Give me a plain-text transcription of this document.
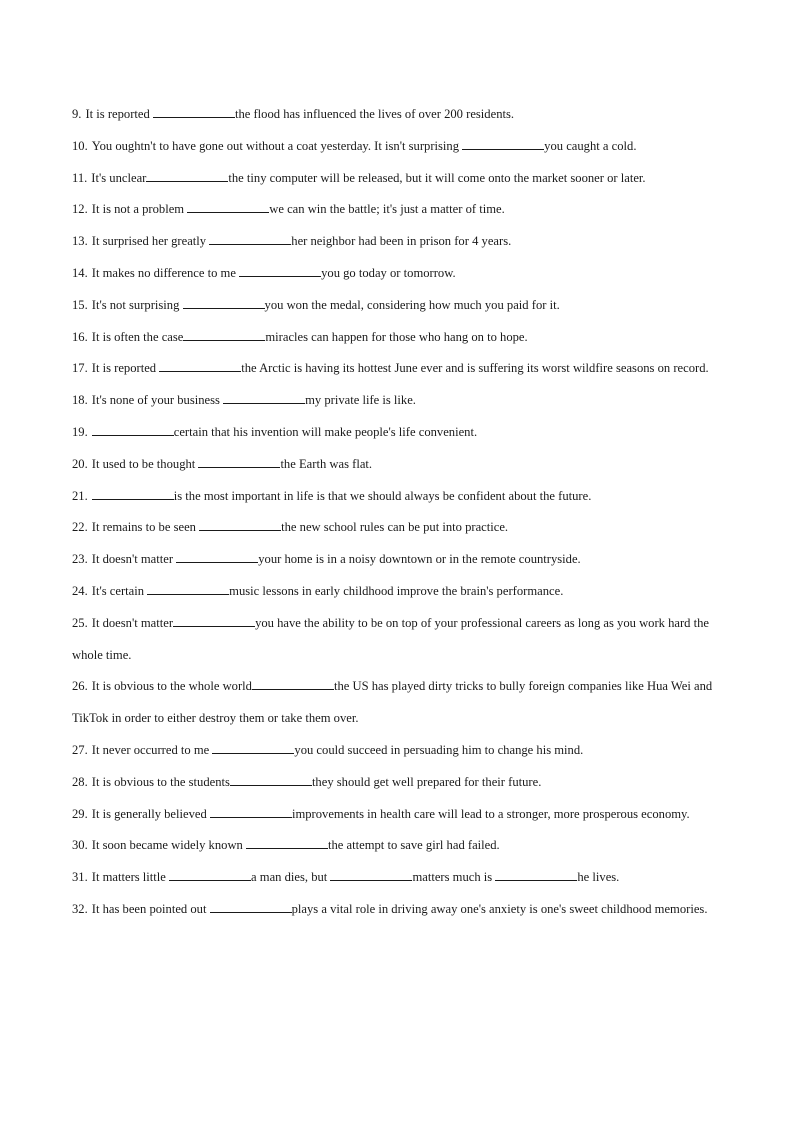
9. It is reported	the flood has influenced the lives of over 200 residents.

10. You oughtn't to have gone out without a coat yesterday. It isn't surprising	you caught a cold.

11. It's unclear	the tiny computer will be released, but it will come onto the market sooner or later.

12. It is not a problem	we can win the battle; it's just a matter of time.

13. It surprised her greatly	her neighbor had been in prison for 4 years.

14. It makes no difference to me	you go today or tomorrow.

15. It's not surprising	you won the medal, considering how much you paid for it.

16. It is often the case	miracles can happen for those who hang on to hope.

17. It is reported	the Arctic is having its hottest June ever and is suffering its worst wildfire seasons on record.

18. It's none of your business	my private life is like.

19.	certain that his invention will make people's life convenient.

20. It used to be thought	the Earth was flat.

21.	is the most important in life is that we should always be confident about the future.

22. It remains to be seen	the new school rules can be put into practice.

23. It doesn't matter	your home is in a noisy downtown or in the remote countryside.

24. It's certain	music lessons in early childhood improve the brain's performance.

25. It doesn't matter	you have the ability to be on top of your professional careers as long as you work hard the whole time.

26. It is obvious to the whole world	the US has played dirty tricks to bully foreign companies like Hua Wei and TikTok in order to either destroy them or take them over.

27. It never occurred to me	you could succeed in persuading him to change his mind.

28. It is obvious to the students	they should get well prepared for their future.

29. It is generally believed	improvements in health care will lead to a stronger, more prosperous economy.

30. It soon became widely known	the attempt to save girl had failed.

31. It matters little	a man dies, but	matters much is	he lives.

32. It has been pointed out	plays a vital role in driving away one's anxiety is one's sweet childhood memories.
